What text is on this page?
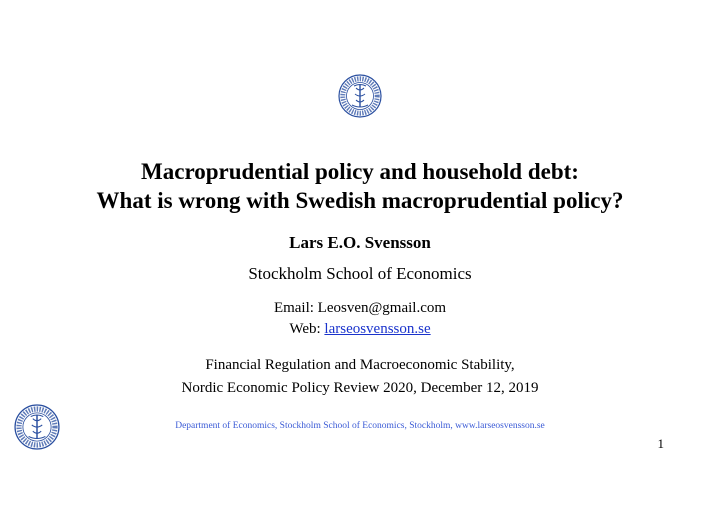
Macroprudential policy and household debt:
What is wrong with Swedish macroprudential policy?
Lars E.O. Svensson
Stockholm School of Economics
Email: Leosven@gmail.com
Web: larseosvensson.se
Financial Regulation and Macroeconomic Stability,
Nordic Economic Policy Review 2020, December 12, 2019
Department of Economics, Stockholm School of Economics, Stockholm, www.larseosvensson.se
1
